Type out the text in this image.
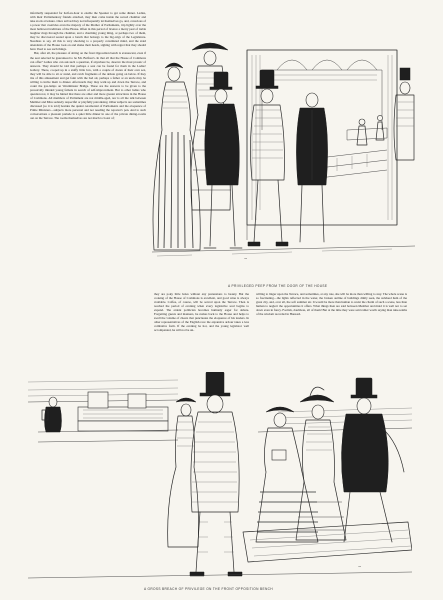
informally suspended for half-an-hour to enable the Speaker to get some dinner. Ladies, with their Parliamentary friends attached, may then come inside the sacred chamber and take stock at leisure. Once arrived they not infrequently let themselves go, and, conscious of a power that overrides even the majesty of the Mother of Parliaments, trip lightly over the most hallowed traditions of the House. Often in this period of licence a merry peal of treble laughter rings through the chamber, and a charming young thing, or perhaps two of them, may be discovered seated upon a bench that belongs to the big-wigs of the Legislature. Needless to say, all this is very shocking to a properly constituted mind, and the staid attendants of the House look on and shake their heads, sighing with regret that they should have lived to see such things.

But, after all, the pleasure of sitting on the front Opposition bench is evanescent, even if the seat selected be guaranteed to be Mr. Balfour's. In that all that the House of Commons can offer? Ladies who can ask such a question, if anywhere be, deserve the most prosaic of answers. They should be told that perhaps a seat can be found for them in the Ladies' Gallery. There, cooped up in a stuffy little box, with a couple of dozen of their own sex, they will be able to sit or stand, and catch fragments of the debate going on below. If they tire of this amusement and get faint with the bad air, perhaps a father or an uncle may be willing to invite them to dinner. Afterwards they may walk up and down the Terrace, and count the gas-lamps on Westminster Bridge. These are the answers to be given to the prosaically minded young female in search of self-improvement. But to other ladies who question not, it may be hinted that there are other and more greater attractions in the House of Commons. All members of Parliament are not middle-aged, nor is all the talk between Member and Miss sedately respectful or playfully patronising. Other subjects are sometimes discussed (so it is told) besides the quaint ceremonial of Parliaments and the eloquence of Prime Ministers—subjects more personal and not needing the reporter's pen. And to such conversations a pleasant prelude is a quiet little dinner in one of the private dining-rooms out on the Terrace. The rooms themselves are not much to boast of;

~
A PRIVILEGED PEEP FROM THE DOOR OF THE HOUSE

they are poky little holes without any pretensions to beauty. But the cooking of the House of Commons is excellent, and good wine is always available. Coffee, of course, will be served upon the Terrace. Then is reached the period of evening when every legislative soul begins to expand. The ardent politician becomes humanly eager for debate. Forgetting guests and manners, he rushes back to the House and helps to swell the volume of cheers that punctuates the eloquence of his leaders. In other representatives of the English race the expansive ardour takes a less combative form. If the evening be hot, and the young legislator well accompanied, he will not be un-

willing to linger upon the Terrace, and sometimes, at any rate, she will be more than willing to stay. The whole scene is so fascinating—the lights reflected in the water, the broken outline of buildings dimly seen, the subdued hum of the great city, and, over all, the soft summer air. It would be more than human to resist the charm of such a scene, less than human to neglect the opportunities it offers. What things then are said between Member and maid it is well not to set down even in fancy. Foolish, doubtless, all of them! But at the time they were said rather worth saying than nine-tenths of the wisdom recorded in Hansard.

~
A GROSS BREACH OF PRIVILEGE ON THE FRONT OPPOSITION BENCH
